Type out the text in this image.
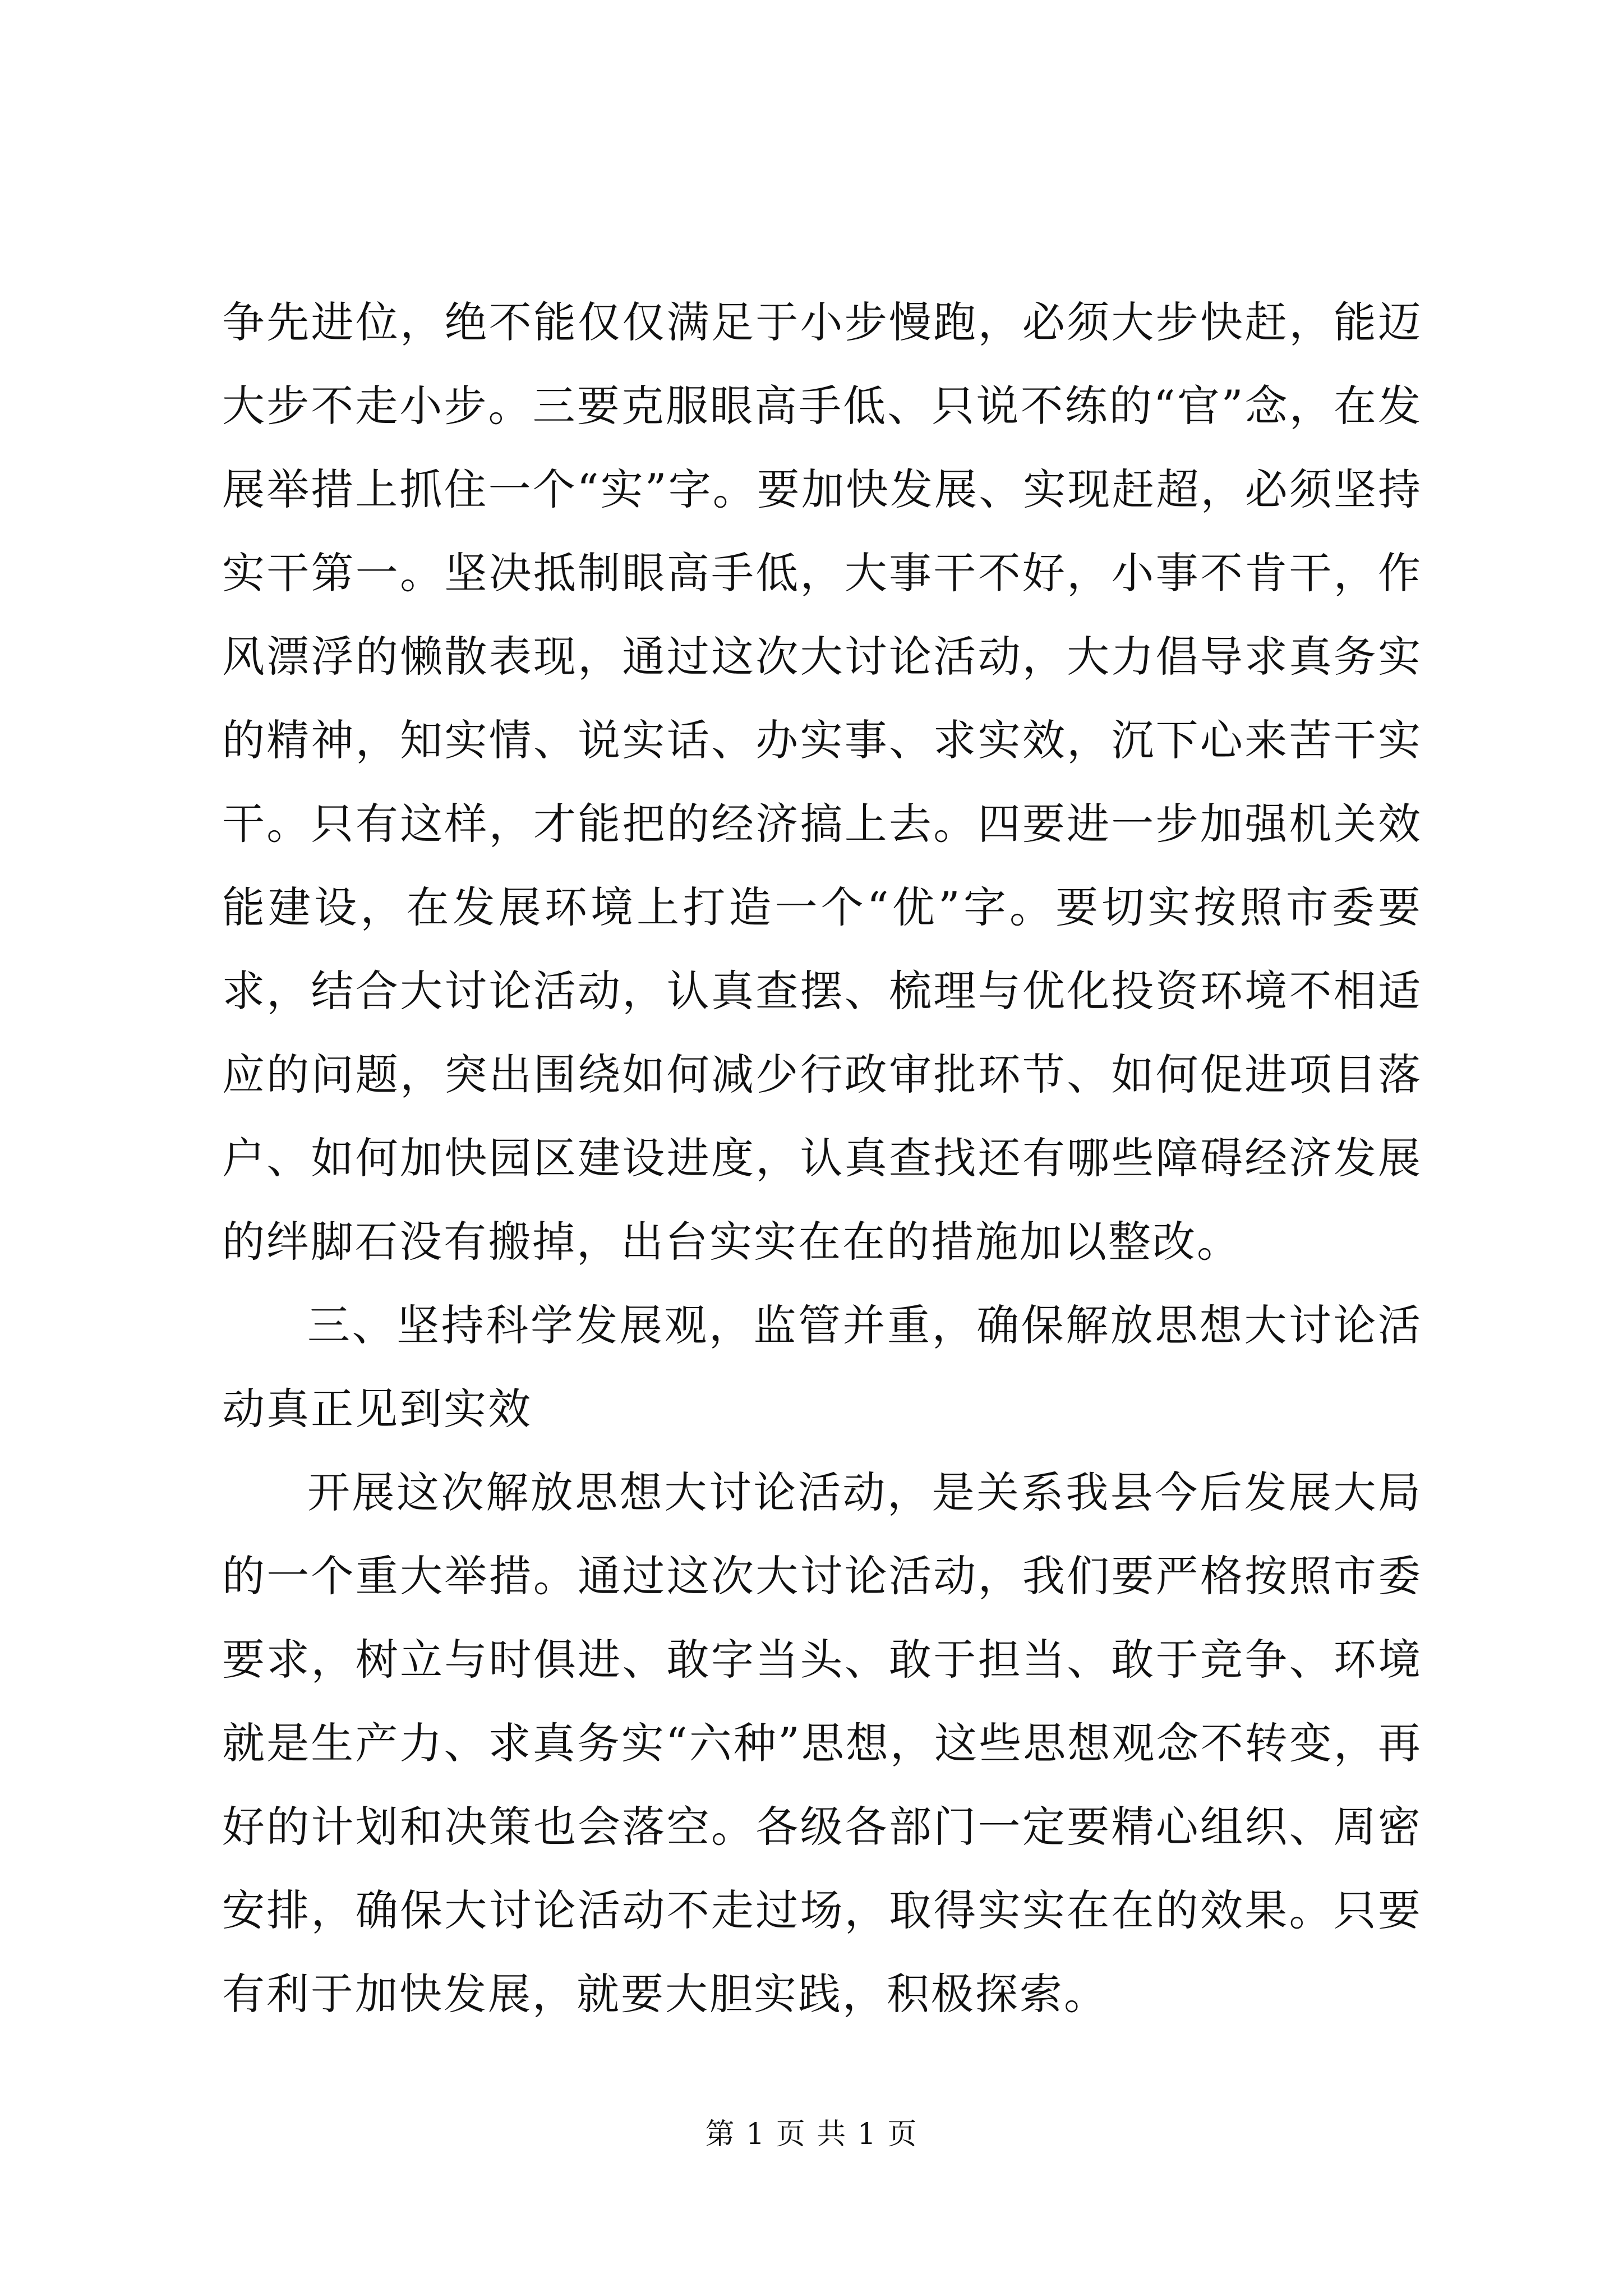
争先进位，绝不能仅仅满足于小步慢跑，必须大步快赶，能迈大步不走小步。三要克服眼高手低、只说不练的“官”念，在发展举措上抓住一个“实”字。要加快发展、实现赶超，必须坚持实干第一。坚决抵制眼高手低，大事干不好，小事不肯干，作风漂浮的懒散表现，通过这次大讨论活动，大力倡导求真务实的精神，知实情、说实话、办实事、求实效，沉下心来苦干实干。只有这样，才能把的经济搞上去。四要进一步加强机关效能建设，在发展环境上打造一个“优”字。要切实按照市委要求，结合大讨论活动，认真查摆、梳理与优化投资环境不相适应的问题，突出围绕如何减少行政审批环节、如何促进项目落户、如何加快园区建设进度，认真查找还有哪些障碍经济发展的绊脚石没有搬掉，出台实实在在的措施加以整改。

三、坚持科学发展观，监管并重，确保解放思想大讨论活动真正见到实效

开展这次解放思想大讨论活动，是关系我县今后发展大局的一个重大举措。通过这次大讨论活动，我们要严格按照市委要求，树立与时俱进、敢字当头、敢于担当、敢于竞争、环境就是生产力、求真务实“六种”思想，这些思想观念不转变，再好的计划和决策也会落空。各级各部门一定要精心组织、周密安排，确保大讨论活动不走过场，取得实实在在的效果。只要有利于加快发展，就要大胆实践，积极探索。

第 1 页 共 1 页
